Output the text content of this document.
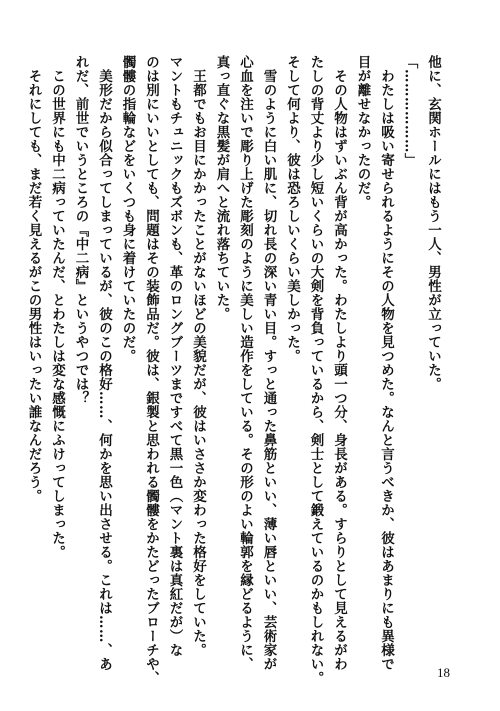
他に、玄関ホールにはもう一人、男性が立っていた。

「………………」

　わたしは吸い寄せられるようにその人物を見つめた。なんと言うべきか、彼はあまりにも異様で

目が離せなかったのだ。

　その人物はずいぶん背が高かった。わたしより頭一つ分、身長がある。すらりとして見えるがわ

たしの背丈より少し短いくらいの大剣を背負っているから、剣士として鍛えているのかもしれない。

そして何より、彼は恐ろしいくらい美しかった。

　雪のように白い肌に、切れ長の深い青い目。すっと通った鼻筋といい、薄い唇といい、芸術家が

心血を注いで彫り上げた彫刻のように美しい造作をしている。その形のよい輪郭を縁どるように、

真っ直ぐな黒髪が肩へと流れ落ちていた。

　王都でもお目にかかったことがないほどの美貌だが、彼はいささか変わった格好をしていた。

マントもチュニックもズボンも、革のロングブーツまですべて黒一色（マント裏は真紅だが）な

のは別にいいとしても、問題はその装飾品だ。彼は、銀製と思われる髑髏をかたどったブローチや、

髑髏の指輪などをいくつも身に着けていたのだ。

　美形だから似合ってしまっているが、彼のこの格好……、何かを思い出させる。これは……、あ

れだ、前世でいうところの『中二病』というやつでは？

　この世界にも中二病っていたんだ、とわたしは変な感慨にふけってしまった。

　それにしても、まだ若く見えるがこの男性はいったい誰なんだろう。

18
